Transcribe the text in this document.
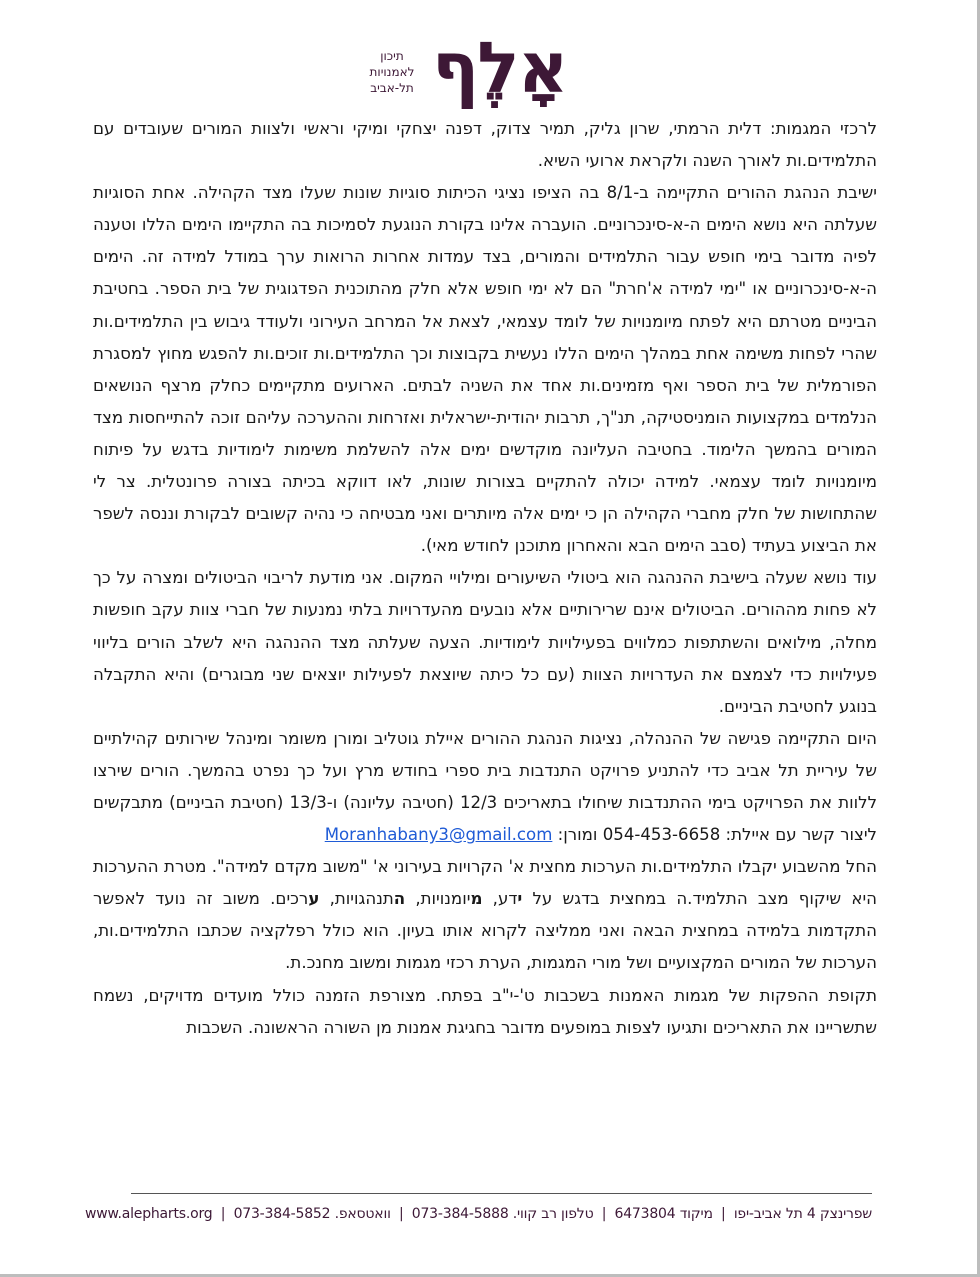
תיכון
לאמנויות
תל-אביב אָלֶף

לרכזי המגמות: דלית הרמתי, שרון גליק, תמיר צדוק, דפנה יצחקי ומיקי וראשי ולצוות המורים שעובדים עם התלמידים.ות לאורך השנה ולקראת ארועי השיא.

ישיבת הנהגת ההורים התקיימה ב-8/1 בה הציפו נציגי הכיתות סוגיות שונות שעלו מצד הקהילה. אחת הסוגיות שעלתה היא נושא הימים ה-א-סינכרוניים. הועברה אלינו בקורת הנוגעת לסמיכות בה התקיימו הימים הללו וטענה לפיה מדובר בימי חופש עבור התלמידים והמורים, בצד עמדות אחרות הרואות ערך במודל למידה זה. הימים ה-א-סינכרוניים או "ימי למידה א'חרת" הם לא ימי חופש אלא חלק מהתוכנית הפדגוגית של בית הספר. בחטיבת הביניים מטרתם היא לפתח מיומנויות של לומד עצמאי, לצאת אל המרחב העירוני ולעודד גיבוש בין התלמידים.ות שהרי לפחות משימה אחת במהלך הימים הללו נעשית בקבוצות וכך התלמידים.ות זוכים.ות להפגש מחוץ למסגרת הפורמלית של בית הספר ואף מזמינים.ות אחד את השניה לבתים. הארועים מתקיימים כחלק מרצף הנושאים הנלמדים במקצועות הומניסטיקה, תנ"ך, תרבות יהודית-ישראלית ואזרחות וההערכה עליהם זוכה להתייחסות מצד המורים בהמשך הלימוד. בחטיבה העליונה מוקדשים ימים אלה להשלמת משימות לימודיות בדגש על פיתוח מיומנויות לומד עצמאי. למידה יכולה להתקיים בצורות שונות, לאו דווקא בכיתה בצורה פרונטלית. צר לי שהתחושות של חלק מחברי הקהילה הן כי ימים אלה מיותרים ואני מבטיחה כי נהיה קשובים לבקורת וננסה לשפר את הביצוע בעתיד (סבב הימים הבא והאחרון מתוכנן לחודש מאי).

עוד נושא שעלה בישיבת ההנהגה הוא ביטולי השיעורים ומילויי המקום. אני מודעת לריבוי הביטולים ומצרה על כך לא פחות מההורים. הביטולים אינם שרירותיים אלא נובעים מהעדרויות בלתי נמנעות של חברי צוות עקב חופשות מחלה, מילואים והשתתפות כמלווים בפעילויות לימודיות. הצעה שעלתה מצד ההנהגה היא לשלב הורים בליווי פעילויות כדי לצמצם את העדרויות הצוות (עם כל כיתה שיוצאת לפעילות יוצאים שני מבוגרים) והיא התקבלה בנוגע לחטיבת הביניים.

היום התקיימה פגישה של ההנהלה, נציגות הנהגת ההורים איילת גוטליב ומורן משומר ומינהל שירותים קהילתיים של עיריית תל אביב כדי להתניע פרויקט התנדבות בית ספרי בחודש מרץ ועל כך נפרט בהמשך. הורים שירצו ללוות את הפרויקט בימי ההתנדבות שיחולו בתאריכים 12/3 (חטיבה עליונה) ו-13/3 (חטיבת הביניים) מתבקשים ליצור קשר עם איילת: 054-453-6658 ומורן: Moranhabany3@gmail.com

החל מהשבוע יקבלו התלמידים.ות הערכות מחצית א' הקרויות בעירוני א' "משוב מקדם למידה". מטרת ההערכות היא שיקוף מצב התלמיד.ה במחצית בדגש על ידע, מיומנויות, התנהגויות, ערכים. משוב זה נועד לאפשר התקדמות בלמידה במחצית הבאה ואני ממליצה לקרוא אותו בעיון. הוא כולל רפלקציה שכתבו התלמידים.ות, הערכות של המורים המקצועיים ושל מורי המגמות, הערת רכזי מגמות ומשוב מחנכ.ת.

תקופת ההפקות של מגמות האמנות בשכבות ט'-י"ב בפתח. מצורפת הזמנה כולל מועדים מדויקים, נשמח שתשריינו את התאריכים ותגיעו לצפות במופעים מדובר בחגיגת אמנות מן השורה הראשונה. השכבות

שפרינצק 4 תל אביב-יפו | מיקוד 6473804 | טלפון רב קווי. 073-384-5888 | וואטסאפ. 073-384-5852 | www.alepharts.org
